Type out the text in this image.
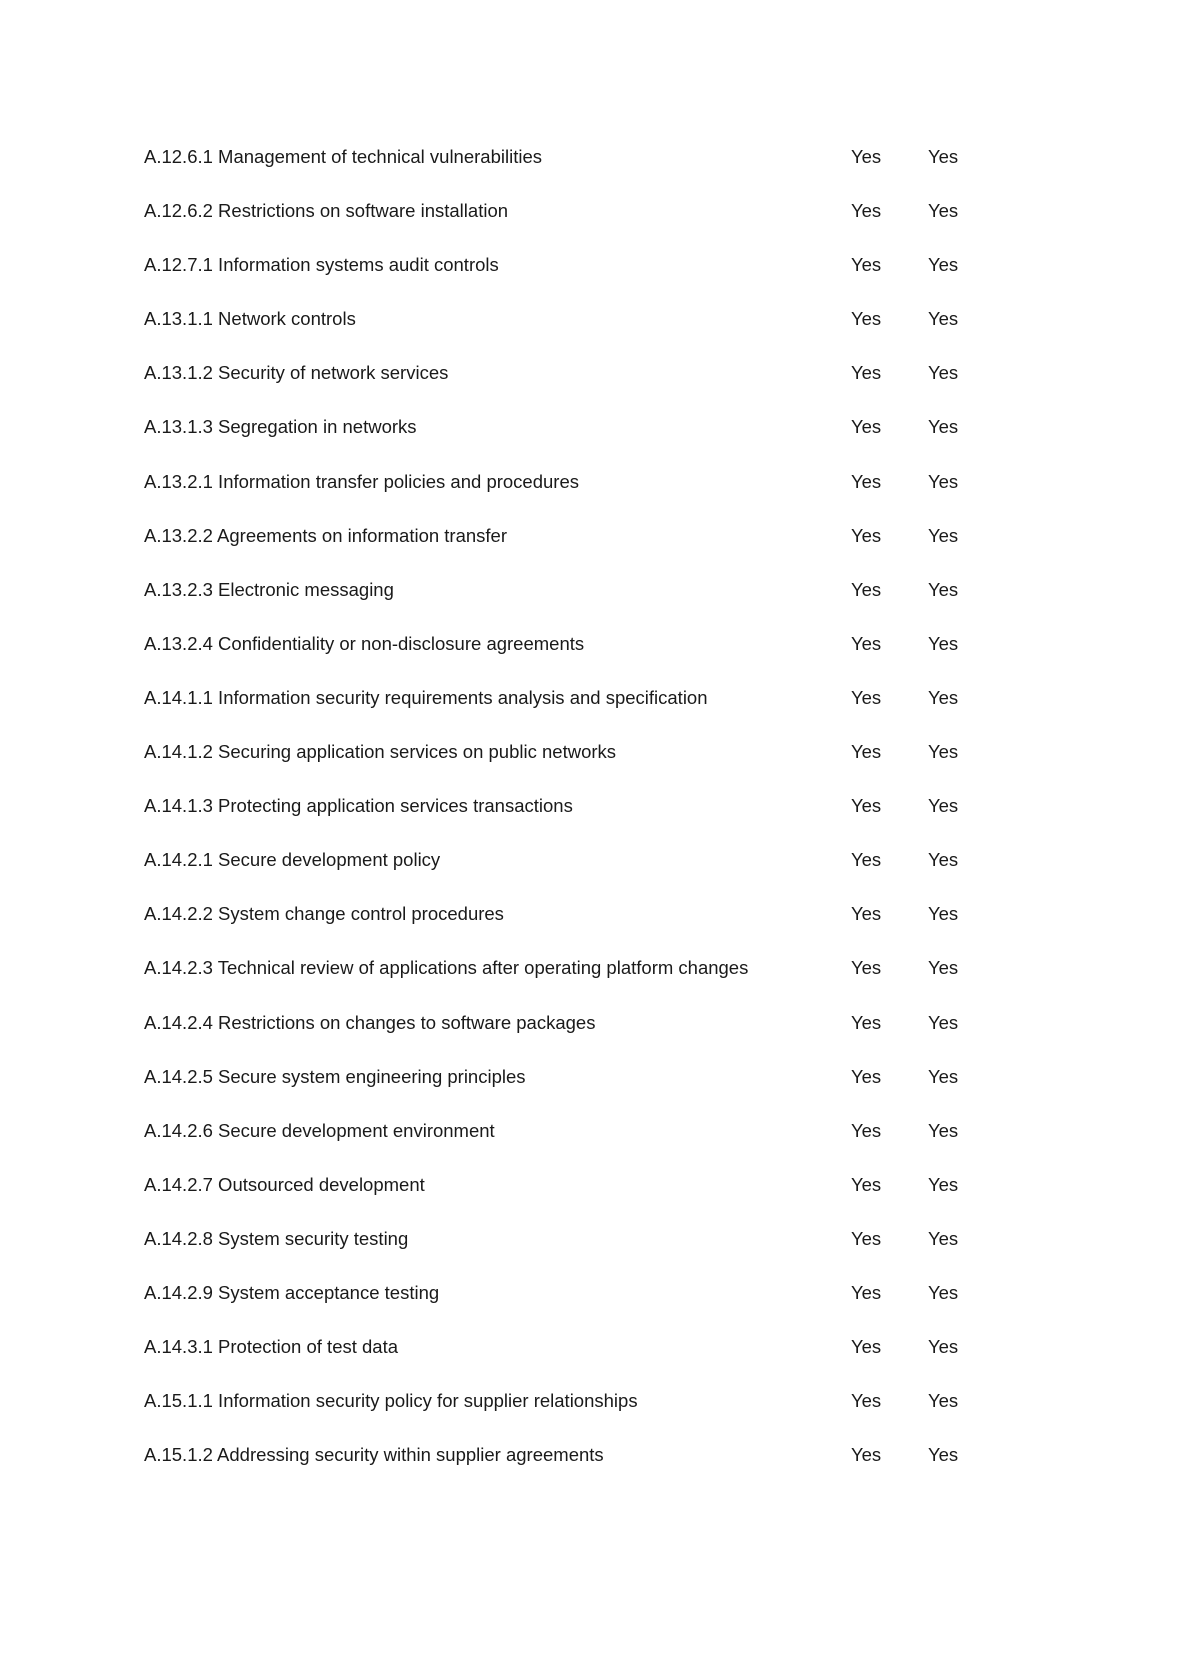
A.12.6.1 Management of technical vulnerabilities	Yes	Yes
A.12.6.2 Restrictions on software installation	Yes	Yes
A.12.7.1 Information systems audit controls	Yes	Yes
A.13.1.1 Network controls	Yes	Yes
A.13.1.2 Security of network services	Yes	Yes
A.13.1.3 Segregation in networks	Yes	Yes
A.13.2.1 Information transfer policies and procedures	Yes	Yes
A.13.2.2 Agreements on information transfer	Yes	Yes
A.13.2.3 Electronic messaging	Yes	Yes
A.13.2.4 Confidentiality or non-disclosure agreements	Yes	Yes
A.14.1.1 Information security requirements analysis and specification	Yes	Yes
A.14.1.2 Securing application services on public networks	Yes	Yes
A.14.1.3 Protecting application services transactions	Yes	Yes
A.14.2.1 Secure development policy	Yes	Yes
A.14.2.2 System change control procedures	Yes	Yes
A.14.2.3 Technical review of applications after operating platform changes	Yes	Yes
A.14.2.4 Restrictions on changes to software packages	Yes	Yes
A.14.2.5 Secure system engineering principles	Yes	Yes
A.14.2.6 Secure development environment	Yes	Yes
A.14.2.7 Outsourced development	Yes	Yes
A.14.2.8 System security testing	Yes	Yes
A.14.2.9 System acceptance testing	Yes	Yes
A.14.3.1 Protection of test data	Yes	Yes
A.15.1.1 Information security policy for supplier relationships	Yes	Yes
A.15.1.2 Addressing security within supplier agreements	Yes	Yes
